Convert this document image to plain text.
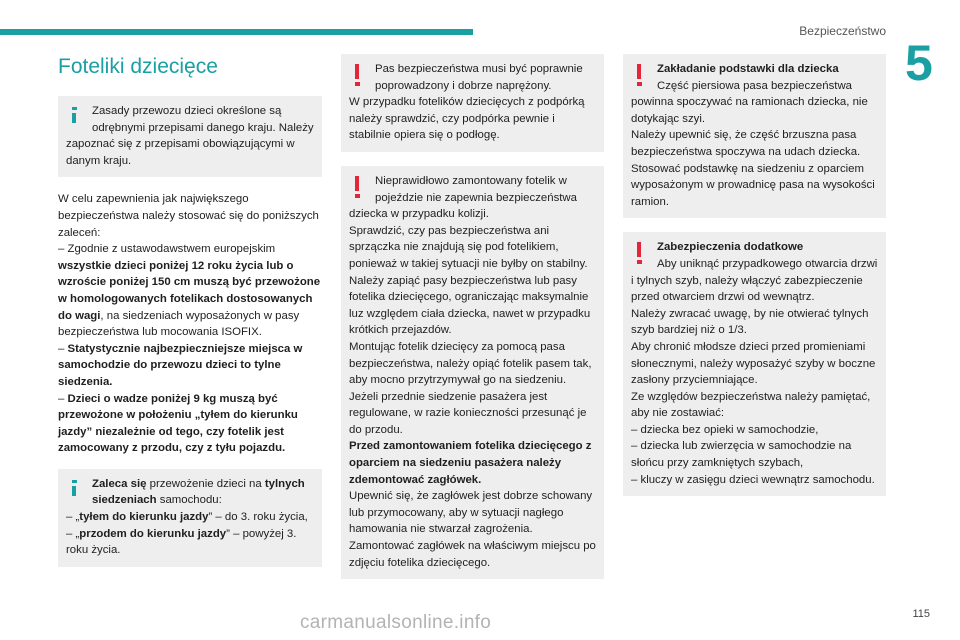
Bezpieczeństwo
5
Foteliki dziecięce

Zasady przewozu dzieci określone są odrębnymi przepisami danego kraju. Należy

zapoznać się z przepisami obowiązującymi w danym kraju.

W celu zapewnienia jak największego bezpieczeństwa należy stosować się do poniższych zaleceń:

– Zgodnie z ustawodawstwem europejskim
wszystkie dzieci poniżej 12 roku życia lub o wzroście poniżej 150 cm muszą być przewożone w homologowanych fotelikach dostosowanych do wagi, na siedzeniach wyposażonych w pasy bezpieczeństwa lub mocowania ISOFIX.

– Statystycznie najbezpieczniejsze miejsca w samochodzie do przewozu dzieci to tylne siedzenia.

– Dzieci o wadze poniżej 9 kg muszą być przewożone w położeniu „tyłem do kierunku jazdy” niezależnie od tego, czy fotelik jest zamocowany z przodu, czy z tyłu pojazdu.

Zaleca się przewożenie dzieci na tylnych siedzeniach samochodu:

– „tyłem do kierunku jazdy” – do 3. roku życia,

– „przodem do kierunku jazdy” – powyżej 3. roku życia.

Pas bezpieczeństwa musi być poprawnie poprowadzony i dobrze naprężony.

W przypadku fotelików dziecięcych z podpórką należy sprawdzić, czy podpórka pewnie i stabilnie opiera się o podłogę.

Nieprawidłowo zamontowany fotelik w pojeździe nie zapewnia bezpieczeństwa

dziecka w przypadku kolizji.

Sprawdzić, czy pas bezpieczeństwa ani sprzączka nie znajdują się pod fotelikiem, ponieważ w takiej sytuacji nie byłby on stabilny.

Należy zapiąć pasy bezpieczeństwa lub pasy fotelika dziecięcego, ograniczając maksymalnie luz względem ciała dziecka, nawet w przypadku krótkich przejazdów.

Montując fotelik dziecięcy za pomocą pasa bezpieczeństwa, należy opiąć fotelik pasem tak, aby mocno przytrzymywał go na siedzeniu. Jeżeli przednie siedzenie pasażera jest regulowane, w razie konieczności przesunąć je do przodu.

Przed zamontowaniem fotelika dziecięcego z oparciem na siedzeniu pasażera należy zdemontować zagłówek.

Upewnić się, że zagłówek jest dobrze schowany lub przymocowany, aby w sytuacji nagłego hamowania nie stwarzał zagrożenia. Zamontować zagłówek na właściwym miejscu po zdjęciu fotelika dziecięcego.

Zakładanie podstawki dla dziecka

Część piersiowa pasa bezpieczeństwa

powinna spoczywać na ramionach dziecka, nie dotykając szyi.

Należy upewnić się, że część brzuszna pasa bezpieczeństwa spoczywa na udach dziecka.

Stosować podstawkę na siedzeniu z oparciem wyposażonym w prowadnicę pasa na wysokości ramion.

Zabezpieczenia dodatkowe

Aby uniknąć przypadkowego otwarcia drzwi

i tylnych szyb, należy włączyć zabezpieczenie przed otwarciem drzwi od wewnątrz.

Należy zwracać uwagę, by nie otwierać tylnych szyb bardziej niż o 1/3.

Aby chronić młodsze dzieci przed promieniami słonecznymi, należy wyposażyć szyby w boczne zasłony przyciemniające.

Ze względów bezpieczeństwa należy pamiętać, aby nie zostawiać:

– dziecka bez opieki w samochodzie,

– dziecka lub zwierzęcia w samochodzie na słońcu przy zamkniętych szybach,

– kluczy w zasięgu dzieci wewnątrz samochodu.

115
carmanualsonline.info
